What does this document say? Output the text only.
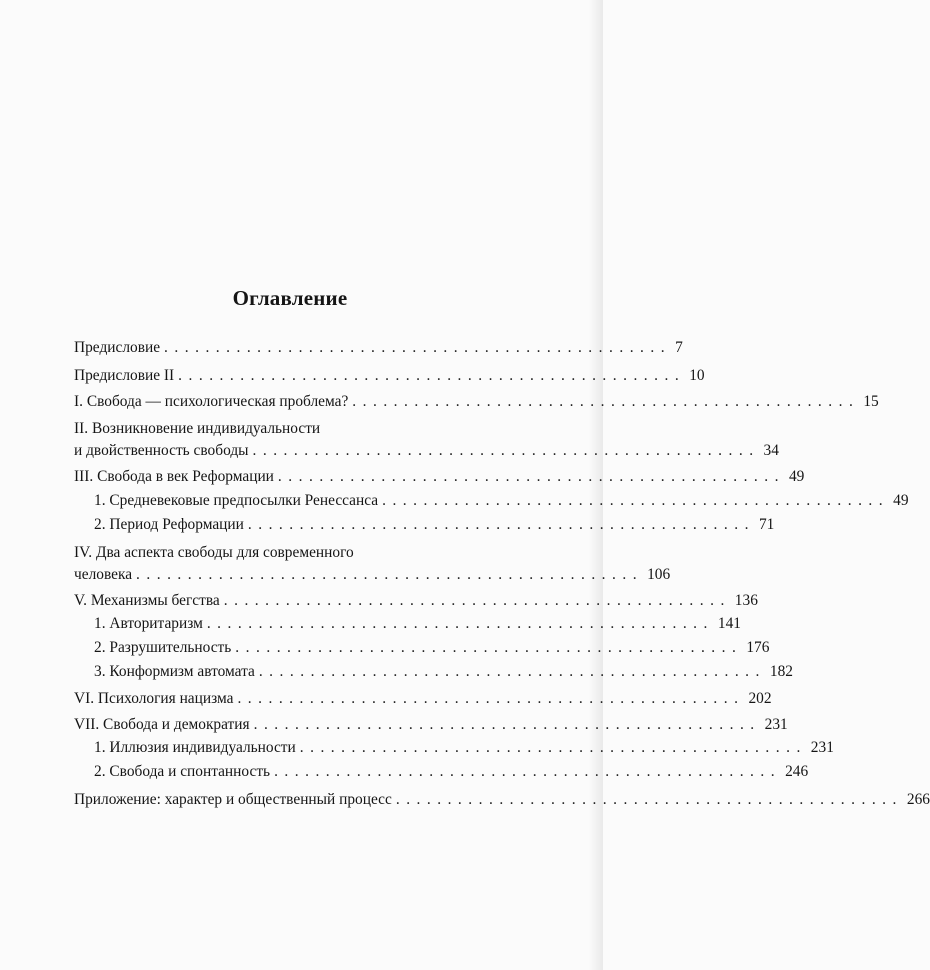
Оглавление
Предисловие ................................................. 7
Предисловие II ................................................. 10
I. Свобода — психологическая проблема? ................................................. 15
II. Возникновение индивидуальности
и двойственность свободы ................................................. 34
III. Свобода в век Реформации ................................................. 49
1. Средневековые предпосылки Ренессанса ................................................. 49
2. Период Реформации ................................................. 71
IV. Два аспекта свободы для современного
человека ................................................. 106
V. Механизмы бегства ................................................. 136
1. Авторитаризм ................................................. 141
2. Разрушительность ................................................. 176
3. Конформизм автомата ................................................. 182
VI. Психология нацизма ................................................. 202
VII. Свобода и демократия ................................................. 231
1. Иллюзия индивидуальности ................................................. 231
2. Свобода и спонтанность ................................................. 246
Приложение: характер и общественный процесс ................................................. 266
